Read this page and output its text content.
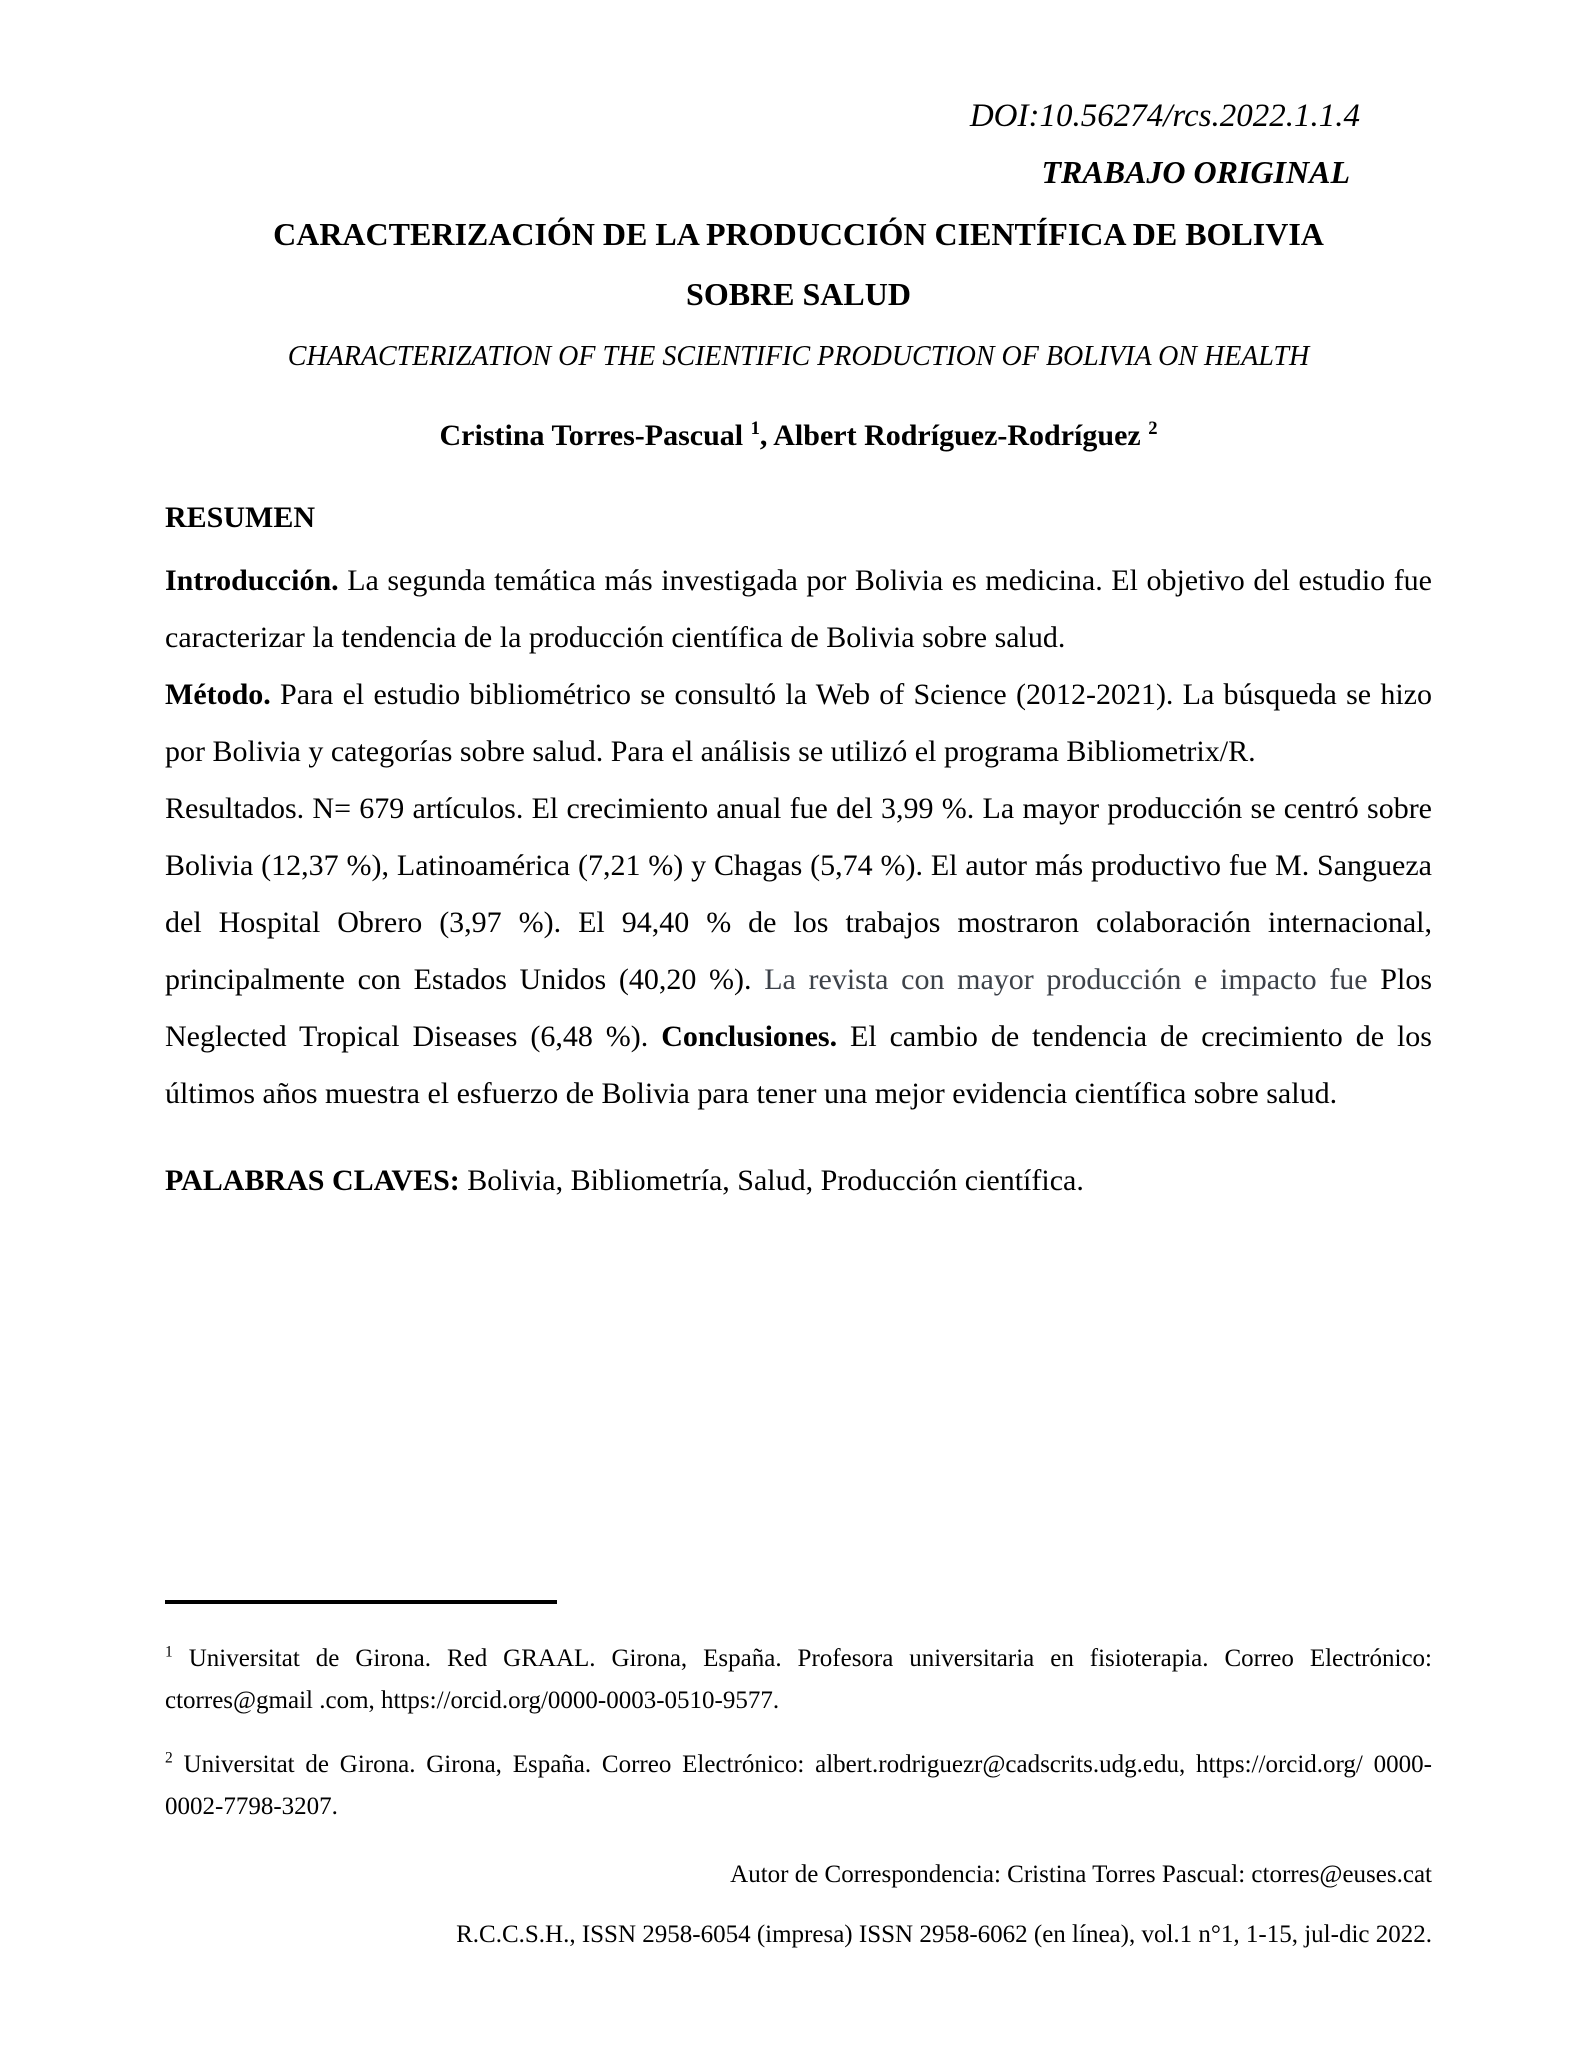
DOI:10.56274/rcs.2022.1.1.4
TRABAJO ORIGINAL
CARACTERIZACIÓN DE LA PRODUCCIÓN CIENTÍFICA DE BOLIVIA
SOBRE SALUD
CHARACTERIZATION OF THE SCIENTIFIC PRODUCTION OF BOLIVIA ON HEALTH
Cristina Torres-Pascual $^1$, Albert Rodríguez-Rodríguez $^2$
RESUMEN

Introducción. La segunda temática más investigada por Bolivia es medicina. El objetivo del estudio fue caracterizar la tendencia de la producción científica de Bolivia sobre salud.

Método. Para el estudio bibliométrico se consultó la Web of Science (2012-2021). La búsqueda se hizo por Bolivia y categorías sobre salud. Para el análisis se utilizó el programa Bibliometrix/R.

Resultados. N= 679 artículos. El crecimiento anual fue del 3,99 %. La mayor producción se centró sobre Bolivia (12,37 %), Latinoamérica (7,21 %) y Chagas (5,74 %). El autor más productivo fue M. Sangueza del Hospital Obrero (3,97 %). El 94,40 % de los trabajos mostraron colaboración internacional, principalmente con Estados Unidos (40,20 %). La revista con mayor producción e impacto fue Plos Neglected Tropical Diseases (6,48 %). Conclusiones. El cambio de tendencia de crecimiento de los últimos años muestra el esfuerzo de Bolivia para tener una mejor evidencia científica sobre salud.

PALABRAS CLAVES: Bolivia, Bibliometría, Salud, Producción científica.
$^1$ Universitat de Girona. Red GRAAL. Girona, España. Profesora universitaria en fisioterapia. Correo Electrónico: ctorres@gmail .com, https://orcid.org/0000-0003-0510-9577.
$^2$ Universitat de Girona. Girona, España. Correo Electrónico: albert.rodriguezr@cadscrits.udg.edu, https://orcid.org/ 0000-0002-7798-3207.
Autor de Correspondencia: Cristina Torres Pascual: ctorres@euses.cat
R.C.C.S.H., ISSN 2958-6054 (impresa) ISSN 2958-6062 (en línea), vol.1 n°1, 1-15, jul-dic 2022.
